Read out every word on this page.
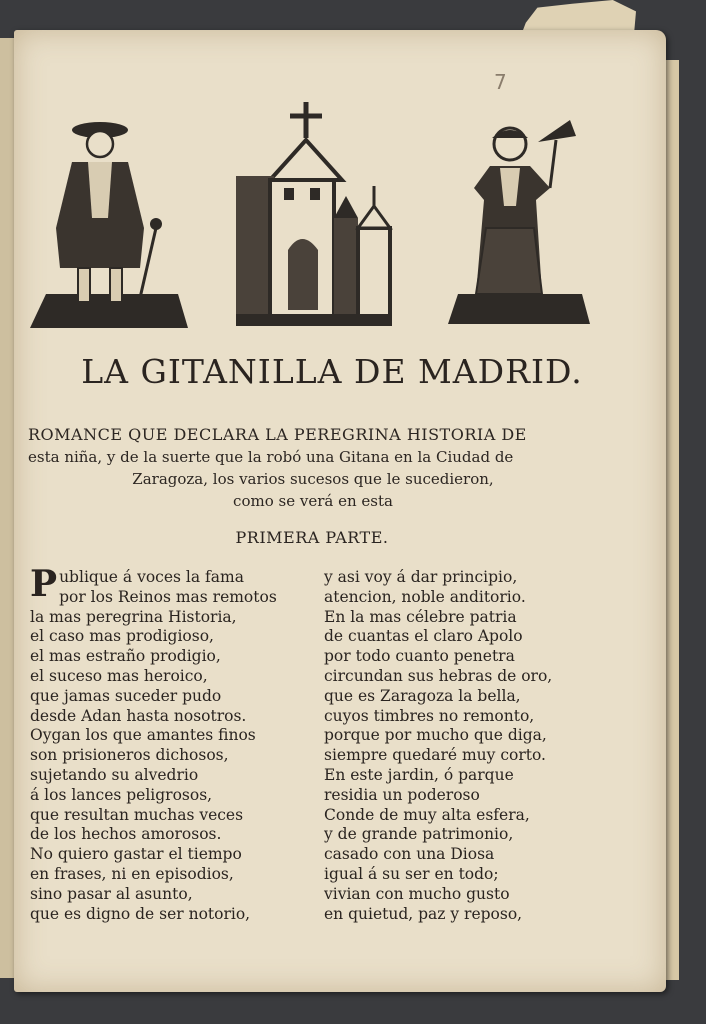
7
LA GITANILLA DE MADRID.
ROMANCE QUE DECLARA LA PEREGRINA HISTORIA DE
esta niña, y de la suerte que la robó una Gitana en la Ciudad de
Zaragoza, los varios sucesos que le sucedieron,
como se verá en esta
PRIMERA PARTE.
P ublique á voces la fama
por los Reinos mas remotos
la mas peregrina Historia,
el caso mas prodigioso,
el mas estraño prodigio,
el suceso mas heroico,
que jamas suceder pudo
desde Adan hasta nosotros.
Oygan los que amantes finos
son prisioneros dichosos,
sujetando su alvedrio
á los lances peligrosos,
que resultan muchas veces
de los hechos amorosos.
No quiero gastar el tiempo
en frases, ni en episodios,
sino pasar al asunto,
que es digno de ser notorio,
y asi voy á dar principio,
atencion, noble anditorio.
En la mas célebre patria
de cuantas el claro Apolo
por todo cuanto penetra
circundan sus hebras de oro,
que es Zaragoza la bella,
cuyos timbres no remonto,
porque por mucho que diga,
siempre quedaré muy corto.
En este jardin, ó parque
residia un poderoso
Conde de muy alta esfera,
y de grande patrimonio,
casado con una Diosa
igual á su ser en todo;
vivian con mucho gusto
en quietud, paz y reposo,
